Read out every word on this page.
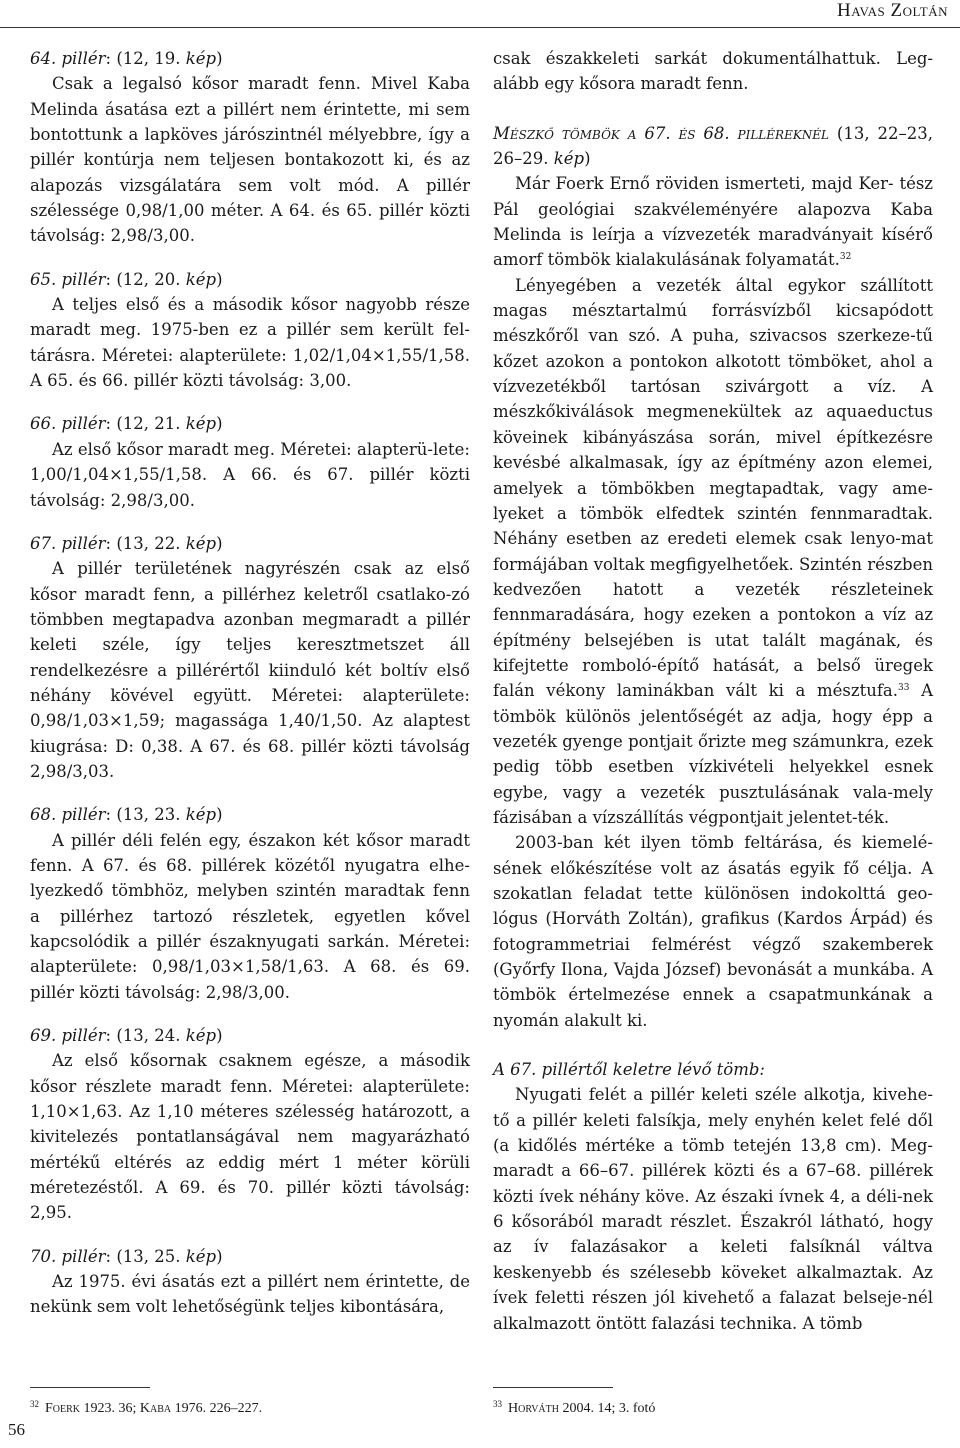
Havas Zoltán

64. pillér: (12, 19. kép)

Csak a legalsó kősor maradt fenn. Mivel Kaba Melinda ásatása ezt a pillért nem érintette, mi sem bontottunk a lapköves járószintnél mélyebbre, így a pillér kontúrja nem teljesen bontakozott ki, és az alapozás vizsgálatára sem volt mód. A pillér szélessége 0,98/1,00 méter. A 64. és 65. pillér közti távolság: 2,98/3,00.

65. pillér: (12, 20. kép)

A teljes első és a második kősor nagyobb része maradt meg. 1975-ben ez a pillér sem került fel-tárásra. Méretei: alapterülete: 1,02/1,04×1,55/1,58. A 65. és 66. pillér közti távolság: 3,00.

66. pillér: (12, 21. kép)

Az első kősor maradt meg. Méretei: alapterü-lete: 1,00/1,04×1,55/1,58. A 66. és 67. pillér közti távolság: 2,98/3,00.

67. pillér: (13, 22. kép)

A pillér területének nagyrészén csak az első kősor maradt fenn, a pillérhez keletről csatlako-zó tömbben megtapadva azonban megmaradt a pillér keleti széle, így teljes keresztmetszet áll rendelkezésre a pillérértől kiinduló két boltív első néhány kövével együtt. Méretei: alapterülete: 0,98/1,03×1,59; magassága 1,40/1,50. Az alaptest kiugrása: D: 0,38. A 67. és 68. pillér közti távolság 2,98/3,03.

68. pillér: (13, 23. kép)

A pillér déli felén egy, északon két kősor maradt fenn. A 67. és 68. pillérek közétől nyugatra elhe-lyezkedő tömbhöz, melyben szintén maradtak fenn a pillérhez tartozó részletek, egyetlen kővel kapcsolódik a pillér északnyugati sarkán. Méretei: alapterülete: 0,98/1,03×1,58/1,63. A 68. és 69. pillér közti távolság: 2,98/3,00.

69. pillér: (13, 24. kép)

Az első kősornak csaknem egésze, a második kősor részlete maradt fenn. Méretei: alapterülete: 1,10×1,63. Az 1,10 méteres szélesség határozott, a kivitelezés pontatlanságával nem magyarázható mértékű eltérés az eddig mért 1 méter körüli méretezéstől. A 69. és 70. pillér közti távolság: 2,95.

70. pillér: (13, 25. kép)

Az 1975. évi ásatás ezt a pillért nem érintette, de nekünk sem volt lehetőségünk teljes kibontására,

csak északkeleti sarkát dokumentálhattuk. Leg-alább egy kősora maradt fenn.

Mészkő tömbök a 67. és 68. pilléreknél (13, 22–23, 26–29. kép)

Már Foerk Ernő röviden ismerteti, majd Ker- tész Pál geológiai szakvéleményére alapozva Kaba Melinda is leírja a vízvezeték maradványait kísérő amorf tömbök kialakulásának folyamatát.$^{32}$

Lényegében a vezeték által egykor szállított magas mésztartalmú forrásvízből kicsapódott mészkőről van szó. A puha, szivacsos szerkeze-tű kőzet azokon a pontokon alkotott tömböket, ahol a vízvezetékből tartósan szivárgott a víz. A mészkőkiválások megmenekültek az aquaeductus köveinek kibányászása során, mivel építkezésre kevésbé alkalmasak, így az építmény azon elemei, amelyek a tömbökben megtapadtak, vagy ame-lyeket a tömbök elfedtek szintén fennmaradtak. Néhány esetben az eredeti elemek csak lenyo-mat formájában voltak megfigyelhetőek. Szintén részben kedvezően hatott a vezeték részleteinek fennmaradására, hogy ezeken a pontokon a víz az építmény belsejében is utat talált magának, és kifejtette romboló-építő hatását, a belső üregek falán vékony laminákban vált ki a mésztufa.$^{33}$ A tömbök különös jelentőségét az adja, hogy épp a vezeték gyenge pontjait őrizte meg számunkra, ezek pedig több esetben vízkivételi helyekkel esnek egybe, vagy a vezeték pusztulásának vala-mely fázisában a vízszállítás végpontjait jelentet-ték.

2003-ban két ilyen tömb feltárása, és kiemelé-sének előkészítése volt az ásatás egyik fő célja. A szokatlan feladat tette különösen indokolttá geo-lógus (Horváth Zoltán), grafikus (Kardos Árpád) és fotogrammetriai felmérést végző szakemberek (Győrfy Ilona, Vajda József) bevonását a munkába. A tömbök értelmezése ennek a csapatmunkának a nyomán alakult ki.

A 67. pillértől keletre lévő tömb:

Nyugati felét a pillér keleti széle alkotja, kivehe-tő a pillér keleti falsíkja, mely enyhén kelet felé dől (a kidőlés mértéke a tömb tetején 13,8 cm). Meg-maradt a 66–67. pillérek közti és a 67–68. pillérek közti ívek néhány köve. Az északi ívnek 4, a déli-nek 6 kősorából maradt részlet. Északról látható, hogy az ív falazásakor a keleti falsíknál váltva keskenyebb és szélesebb köveket alkalmaztak. Az ívek feletti részen jól kivehető a falazat belseje-nél alkalmazott öntött falazási technika. A tömb

$^{32}$ Foerk 1923. 36; Kaba 1976. 226–227.	$^{33}$ Horváth 2004. 14; 3. fotó
56
